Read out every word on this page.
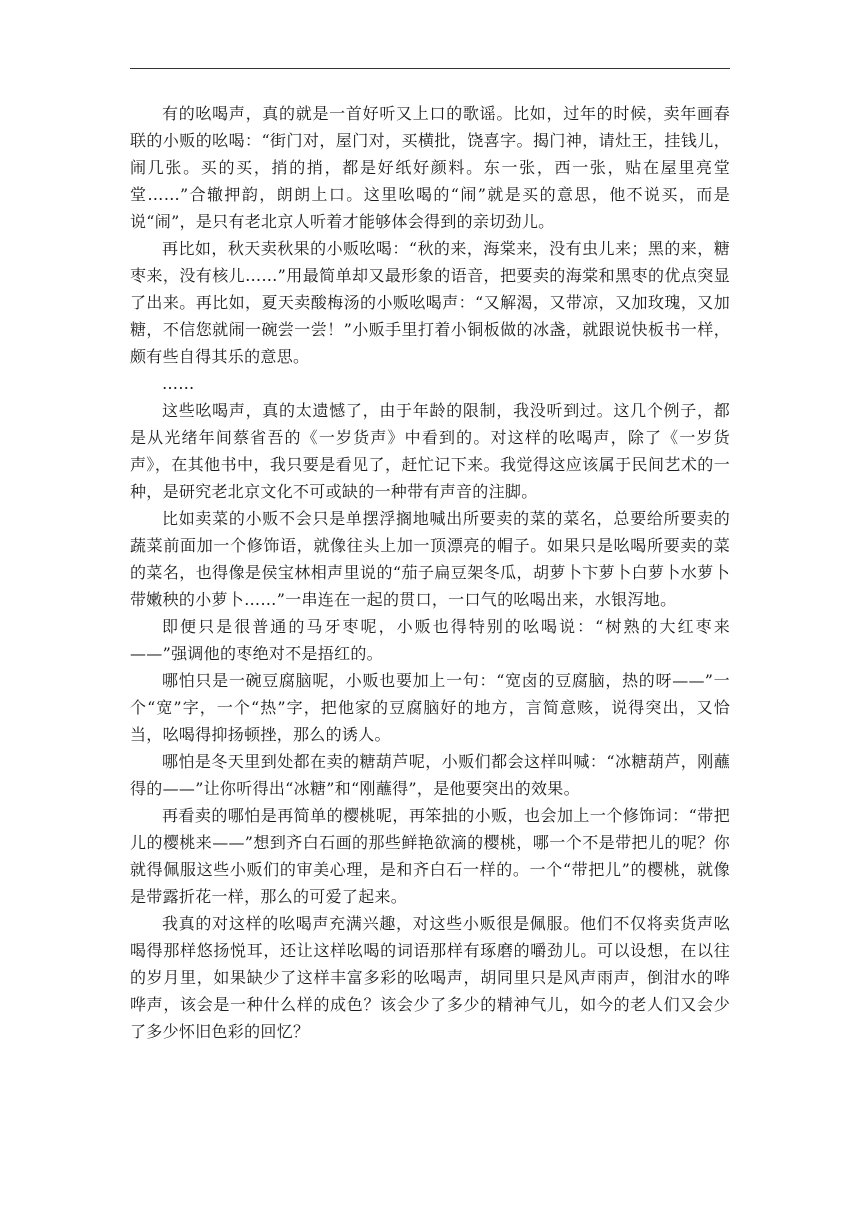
有的吆喝声，真的就是一首好听又上口的歌谣。比如，过年的时候，卖年画春联的小贩的吆喝：“街门对，屋门对，买横批，饶喜字。揭门神，请灶王，挂钱儿，闹几张。买的买，捎的捎，都是好纸好颜料。东一张，西一张，贴在屋里亮堂堂……”合辙押韵，朗朗上口。这里吆喝的“闹”就是买的意思，他不说买，而是说“闹”，是只有老北京人听着才能够体会得到的亲切劲儿。

再比如，秋天卖秋果的小贩吆喝：“秋的来，海棠来，没有虫儿来；黑的来，糖枣来，没有核儿……”用最简单却又最形象的语音，把要卖的海棠和黑枣的优点突显了出来。再比如，夏天卖酸梅汤的小贩吆喝声：“又解渴，又带凉，又加玫瑰，又加糖，不信您就闹一碗尝一尝！”小贩手里打着小铜板做的冰盏，就跟说快板书一样，颇有些自得其乐的意思。

……

这些吆喝声，真的太遗憾了，由于年龄的限制，我没听到过。这几个例子，都是从光绪年间蔡省吾的《一岁货声》中看到的。对这样的吆喝声，除了《一岁货声》，在其他书中，我只要是看见了，赶忙记下来。我觉得这应该属于民间艺术的一种，是研究老北京文化不可或缺的一种带有声音的注脚。

比如卖菜的小贩不会只是单摆浮搁地喊出所要卖的菜的菜名，总要给所要卖的蔬菜前面加一个修饰语，就像往头上加一顶漂亮的帽子。如果只是吆喝所要卖的菜的菜名，也得像是侯宝林相声里说的“茄子扁豆架冬瓜，胡萝卜卞萝卜白萝卜水萝卜带嫩秧的小萝卜……”一串连在一起的贯口，一口气的吆喝出来，水银泻地。

即便只是很普通的马牙枣呢，小贩也得特别的吆喝说：“树熟的大红枣来——”强调他的枣绝对不是捂红的。

哪怕只是一碗豆腐脑呢，小贩也要加上一句：“宽卤的豆腐脑，热的呀——”一个“宽”字，一个“热”字，把他家的豆腐脑好的地方，言简意赅，说得突出，又恰当，吆喝得抑扬顿挫，那么的诱人。

哪怕是冬天里到处都在卖的糖葫芦呢，小贩们都会这样叫喊：“冰糖葫芦，刚蘸得的——”让你听得出“冰糖”和“刚蘸得”，是他要突出的效果。

再看卖的哪怕是再简单的樱桃呢，再笨拙的小贩，也会加上一个修饰词：“带把儿的樱桃来——”想到齐白石画的那些鲜艳欲滴的樱桃，哪一个不是带把儿的呢？你就得佩服这些小贩们的审美心理，是和齐白石一样的。一个“带把儿”的樱桃，就像是带露折花一样，那么的可爱了起来。

我真的对这样的吆喝声充满兴趣，对这些小贩很是佩服。他们不仅将卖货声吆喝得那样悠扬悦耳，还让这样吆喝的词语那样有琢磨的嚼劲儿。可以设想，在以往的岁月里，如果缺少了这样丰富多彩的吆喝声，胡同里只是风声雨声，倒泔水的哗哗声，该会是一种什么样的成色？该会少了多少的精神气儿，如今的老人们又会少了多少怀旧色彩的回忆？
